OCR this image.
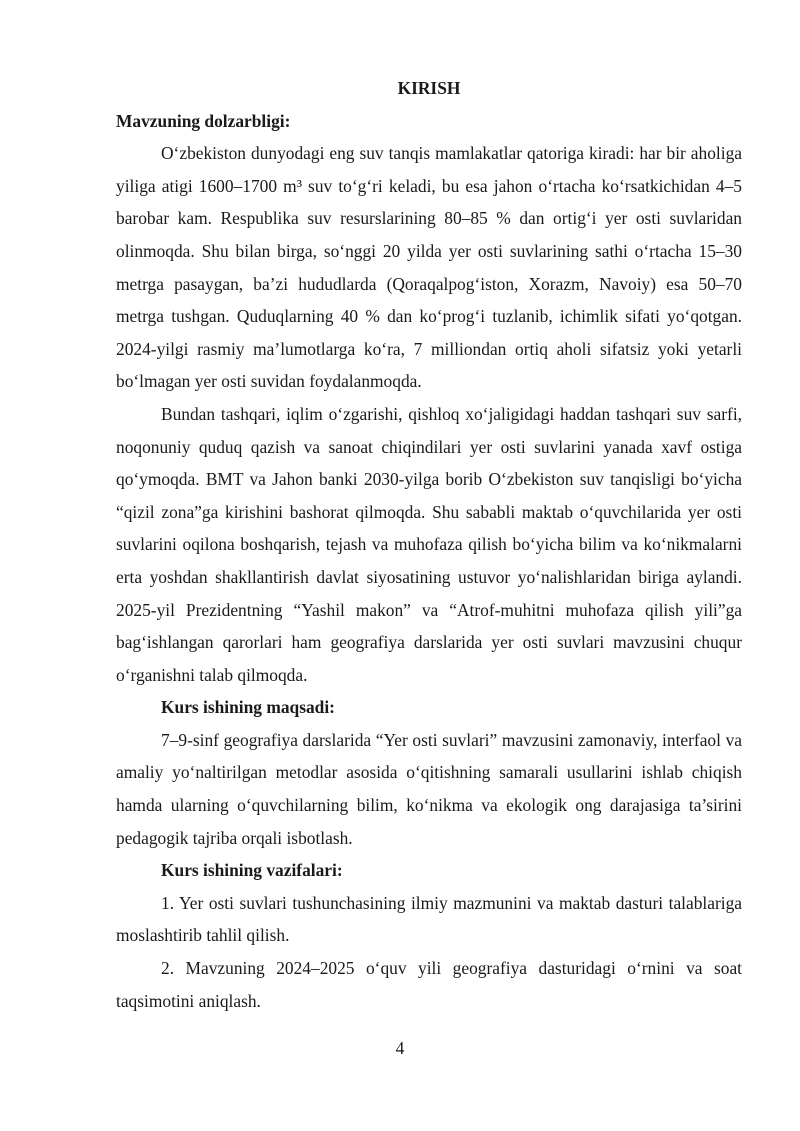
KIRISH

Mavzuning dolzarbligi:

O‘zbekiston dunyodagi eng suv tanqis mamlakatlar qatoriga kiradi: har bir aholiga yiliga atigi 1600–1700 m³ suv to‘g‘ri keladi, bu esa jahon o‘rtacha ko‘rsatkichidan 4–5 barobar kam. Respublika suv resurslarining 80–85 % dan ortig‘i yer osti suvlaridan olinmoqda. Shu bilan birga, so‘nggi 20 yilda yer osti suvlarining sathi o‘rtacha 15–30 metrga pasaygan, ba’zi hududlarda (Qoraqalpog‘iston, Xorazm, Navoiy) esa 50–70 metrga tushgan. Quduqlarning 40 % dan ko‘prog‘i tuzlanib, ichimlik sifati yo‘qotgan. 2024-yilgi rasmiy ma’lumotlarga ko‘ra, 7 milliondan ortiq aholi sifatsiz yoki yetarli bo‘lmagan yer osti suvidan foydalanmoqda.

Bundan tashqari, iqlim o‘zgarishi, qishloq xo‘jaligidagi haddan tashqari suv sarfi, noqonuniy quduq qazish va sanoat chiqindilari yer osti suvlarini yanada xavf ostiga qo‘ymoqda. BMT va Jahon banki 2030-yilga borib O‘zbekiston suv tanqisligi bo‘yicha “qizil zona”ga kirishini bashorat qilmoqda. Shu sababli maktab o‘quvchilarida yer osti suvlarini oqilona boshqarish, tejash va muhofaza qilish bo‘yicha bilim va ko‘nikmalarni erta yoshdan shakllantirish davlat siyosatining ustuvor yo‘nalishlaridan biriga aylandi. 2025-yil Prezidentning “Yashil makon” va “Atrof-muhitni muhofaza qilish yili”ga bag‘ishlangan qarorlari ham geografiya darslarida yer osti suvlari mavzusini chuqur o‘rganishni talab qilmoqda.

Kurs ishining maqsadi:

7–9-sinf geografiya darslarida “Yer osti suvlari” mavzusini zamonaviy, interfaol va amaliy yo‘naltirilgan metodlar asosida o‘qitishning samarali usullarini ishlab chiqish hamda ularning o‘quvchilarning bilim, ko‘nikma va ekologik ong darajasiga ta’sirini pedagogik tajriba orqali isbotlash.

Kurs ishining vazifalari:

1. Yer osti suvlari tushunchasining ilmiy mazmunini va maktab dasturi talablariga moslashtirib tahlil qilish.

2. Mavzuning 2024–2025 o‘quv yili geografiya dasturidagi o‘rnini va soat taqsimotini aniqlash.

4
